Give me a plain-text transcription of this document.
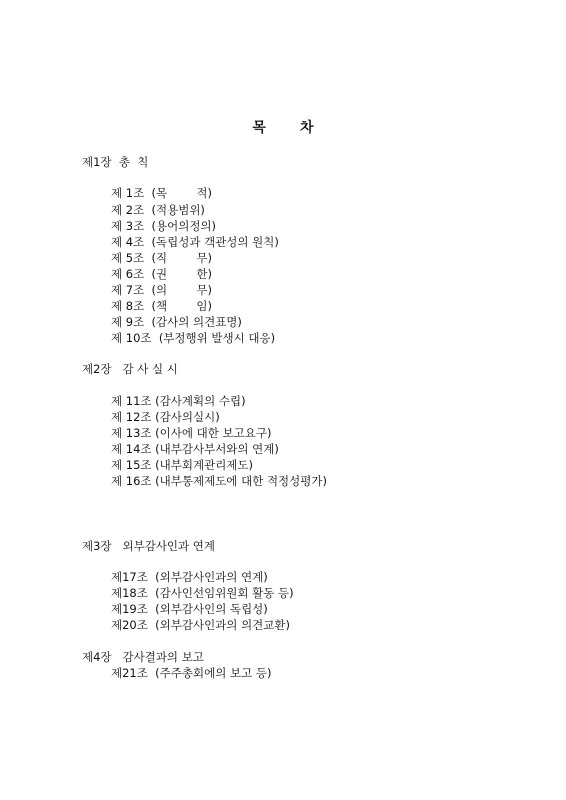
목       차
제1장  총  칙
제 1조  (목        적)
제 2조  (적용범위)
제 3조  (용어의정의)
제 4조  (독립성과 객관성의 원칙)
제 5조  (직        무)
제 6조  (권        한)
제 7조  (의        무)
제 8조  (책        임)
제 9조  (감사의 의견표명)
제 10조  (부정행위 발생시 대응)
제2장   감 사 실 시
제 11조 (감사계획의 수립)
제 12조 (감사의실시)
제 13조 (이사에 대한 보고요구)
제 14조 (내부감사부서와의 연계)
제 15조 (내부회계관리제도)
제 16조 (내부통제제도에 대한 적정성평가)
제3장   외부감사인과 연계
제17조  (외부감사인과의 연계)
제18조  (감사인선임위원회 활동 등)
제19조  (외부감사인의 독립성)
제20조  (외부감사인과의 의견교환)
제4장   감사결과의 보고
제21조  (주주총회에의 보고 등)
